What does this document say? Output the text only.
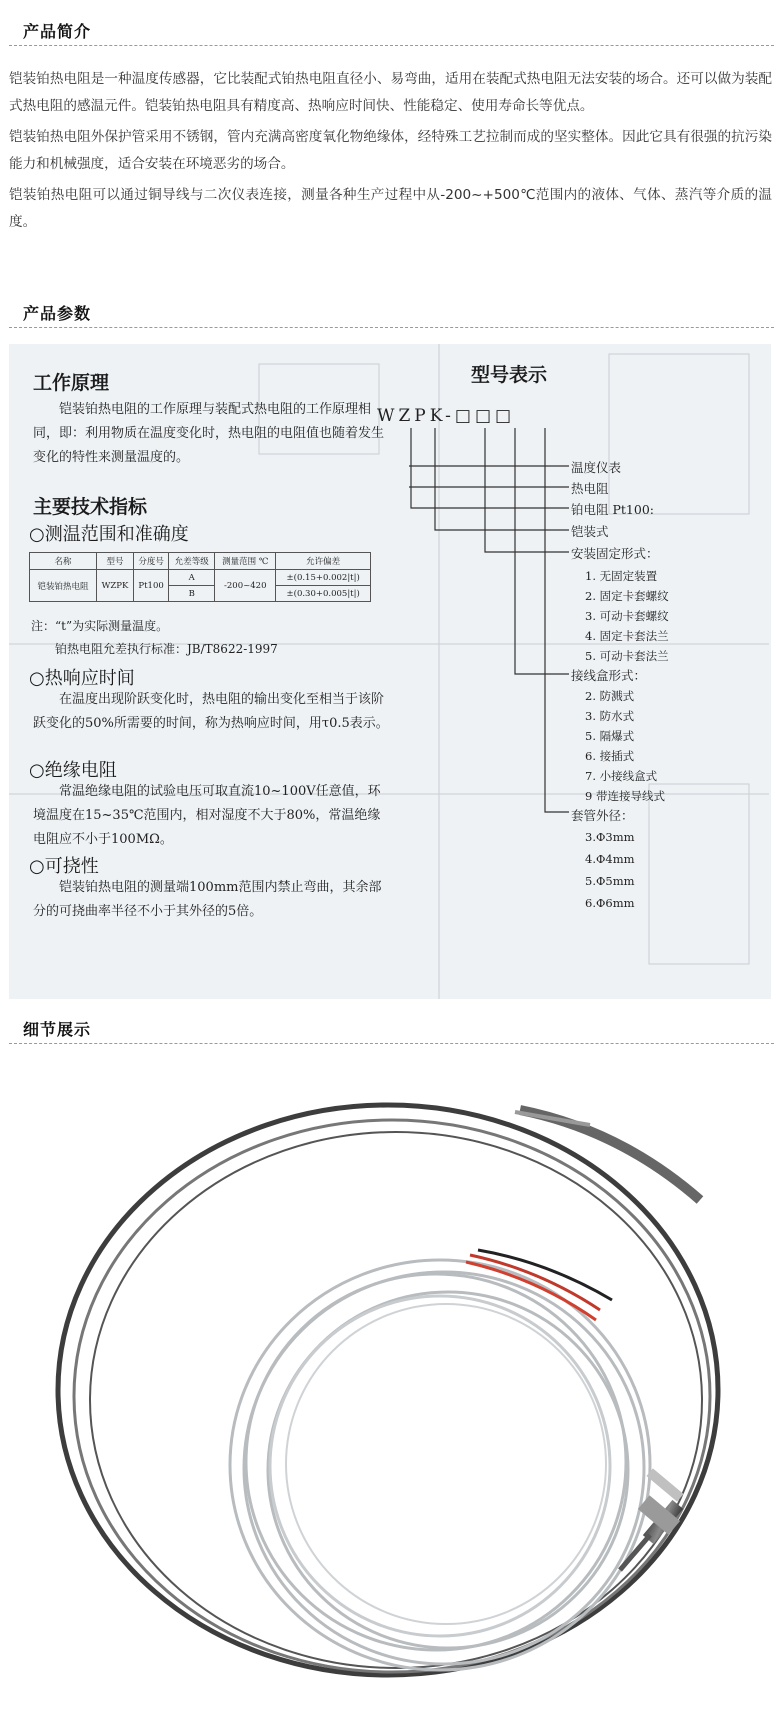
产品简介

铠装铂热电阻是一种温度传感器，它比装配式铂热电阻直径小、易弯曲，适用在装配式热电阻无法安装的场合。还可以做为装配式热电阻的感温元件。铠装铂热电阻具有精度高、热响应时间快、性能稳定、使用寿命长等优点。

铠装铂热电阻外保护管采用不锈钢，管内充满高密度氧化物绝缘体，经特殊工艺拉制而成的坚实整体。因此它具有很强的抗污染能力和机械强度，适合安装在环境恶劣的场合。

铠装铂热电阻可以通过铜导线与二次仪表连接，测量各种生产过程中从-200~+500℃范围内的液体、气体、蒸汽等介质的温度。

产品参数
工作原理
铠装铂热电阻的工作原理与装配式热电阻的工作原理相同，即：利用物质在温度变化时，热电阻的电阻值也随着发生变化的特性来测量温度的。
主要技术指标
○测温范围和准确度
名称	型号	分度号	允差等级	测量范围 ℃	允许偏差
铠装铂热电阻	WZPK	Pt100	A	-200~420	±(0.15+0.002|t|)
			B		±(0.30+0.005|t|)
注：“t”为实际测量温度。
铂热电阻允差执行标准：JB/T8622-1997
○热响应时间
在温度出现阶跃变化时，热电阻的输出变化至相当于该阶跃变化的50%所需要的时间，称为热响应时间，用τ0.5表示。
○绝缘电阻
常温绝缘电阻的试验电压可取直流10~100V任意值，环境温度在15~35℃范围内，相对湿度不大于80%，常温绝缘电阻应不小于100MΩ。
○可挠性
铠装铂热电阻的测量端100mm范围内禁止弯曲，其余部分的可挠曲率半径不小于其外径的5倍。
型号表示
WZPK-□□□
温度仪表
热电阻
铂电阻 Pt100:
铠装式
安装固定形式：
1. 无固定装置
2. 固定卡套螺纹
3. 可动卡套螺纹
4. 固定卡套法兰
5. 可动卡套法兰
接线盒形式：
2. 防溅式
3. 防水式
5. 隔爆式
6. 接插式
7. 小接线盒式
9 带连接导线式
套管外径：
3.Φ3mm
4.Φ4mm
5.Φ5mm
6.Φ6mm
细节展示
